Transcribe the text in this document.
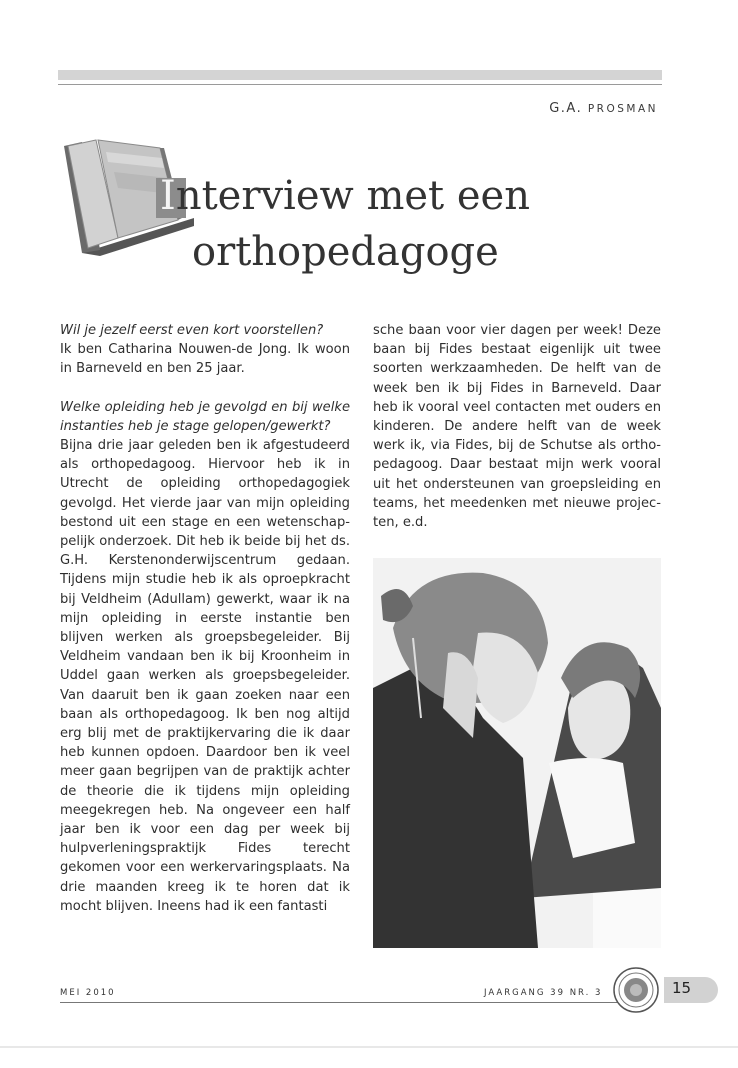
G.A. PROSMAN
Interview met een
orthopedagoge
Wil je jezelf eerst even kort voorstellen?
Ik ben Catharina Nouwen-de Jong. Ik woon in Barneveld en ben 25 jaar.
Welke opleiding heb je gevolgd en bij welke instanties heb je stage gelopen/gewerkt?
Bijna drie jaar geleden ben ik afgestudeerd als orthopedagoog. Hiervoor heb ik in Utrecht de opleiding orthopedagogiek gevolgd. Het vierde jaar van mijn opleiding bestond uit een stage en een wetenschappelijk onderzoek. Dit heb ik beide bij het ds. G.H. Kerstenonderwijscentrum gedaan. Tijdens mijn studie heb ik als oproepkracht bij Veldheim (Adullam) gewerkt, waar ik na mijn opleiding in eerste instantie ben blijven werken als groepsbegeleider. Bij Veldheim vandaan ben ik bij Kroonheim in Uddel gaan werken als groepsbegeleider. Van daaruit ben ik gaan zoeken naar een baan als orthopedagoog. Ik ben nog altijd erg blij met de praktijkervaring die ik daar heb kunnen opdoen. Daardoor ben ik veel meer gaan begrijpen van de praktijk achter de theorie die ik tijdens mijn opleiding meegekregen heb. Na ongeveer een half jaar ben ik voor een dag per week bij hulpverleningspraktijk Fides terecht gekomen voor een werkervaringsplaats. Na drie maanden kreeg ik te horen dat ik mocht blijven. Ineens had ik een fantasti
sche baan voor vier dagen per week! Deze baan bij Fides bestaat eigenlijk uit twee soorten werkzaamheden. De helft van de week ben ik bij Fides in Barneveld. Daar heb ik vooral veel contacten met ouders en kinderen. De andere helft van de week werk ik, via Fides, bij de Schutse als orthopedagoog. Daar bestaat mijn werk vooral uit het ondersteunen van groepsleiding en teams, het meedenken met nieuwe projecten, e.d.
MEI 2010	JAARGANG 39 NR. 3	15
